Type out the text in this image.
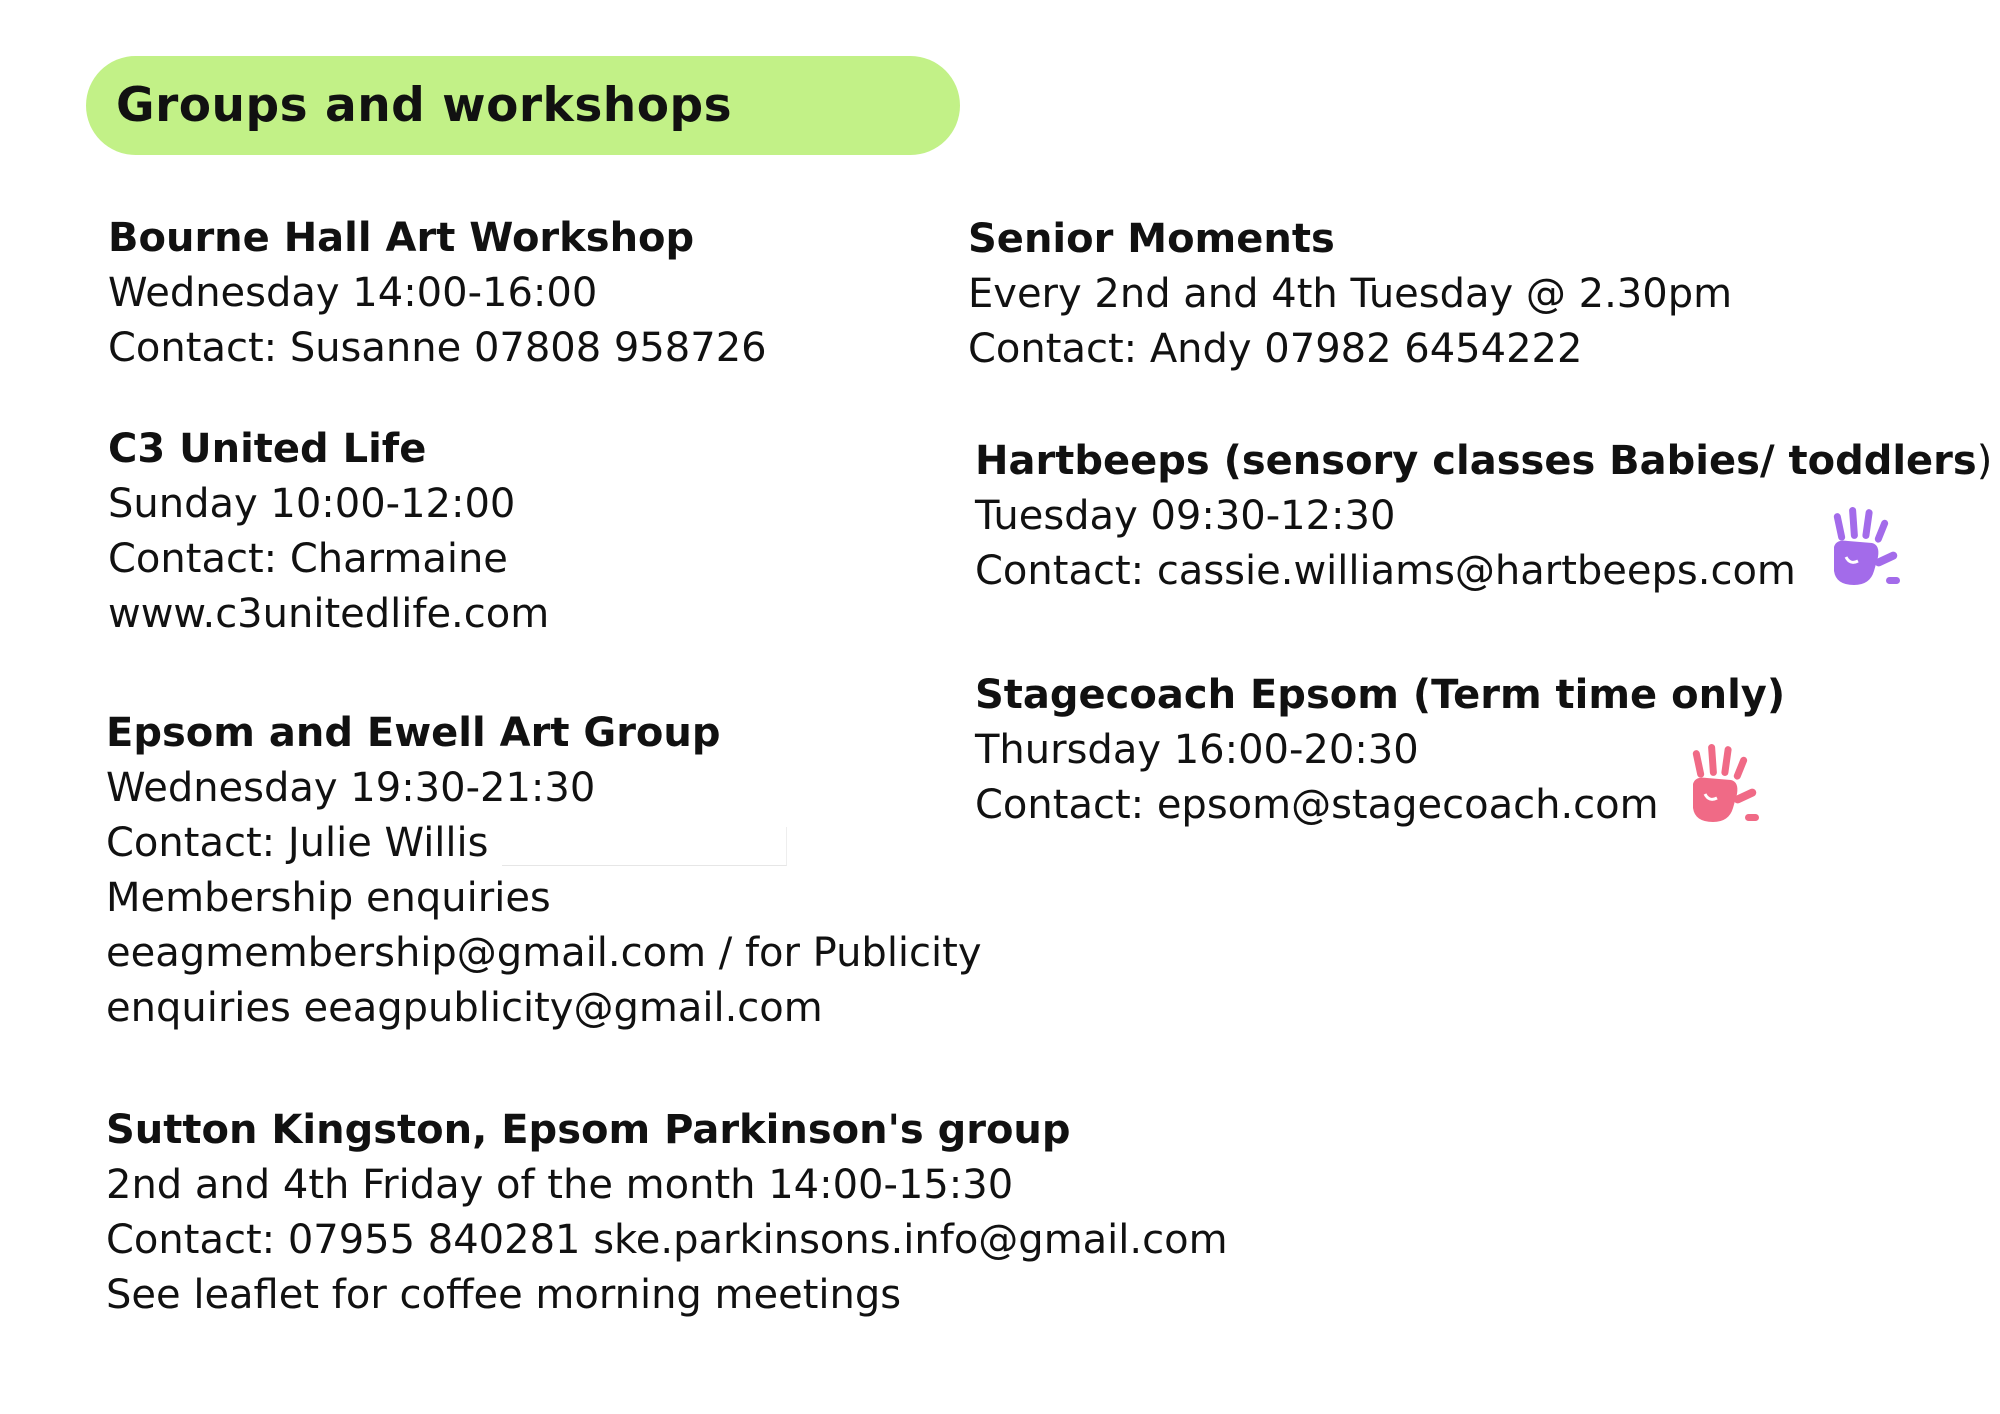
Groups and workshops
Bourne Hall Art Workshop
Wednesday 14:00-16:00
Contact: Susanne 07808 958726
C3 United Life
Sunday 10:00-12:00
Contact: Charmaine
www.c3unitedlife.com
Epsom and Ewell Art Group
Wednesday 19:30-21:30
Contact: Julie Willis
Membership enquiries
eeagmembership@gmail.com / for Publicity
enquiries eeagpublicity@gmail.com
Sutton Kingston, Epsom Parkinson's group
2nd and 4th Friday of the month 14:00-15:30
Contact: 07955 840281 ske.parkinsons.info@gmail.com
See leaflet for coffee morning meetings
Senior Moments
Every 2nd and 4th Tuesday @ 2.30pm
Contact: Andy 07982 6454222
Hartbeeps (sensory classes Babies/ toddlers)
Tuesday 09:30-12:30
Contact: cassie.williams@hartbeeps.com
Stagecoach Epsom (Term time only)
Thursday 16:00-20:30
Contact: epsom@stagecoach.com
